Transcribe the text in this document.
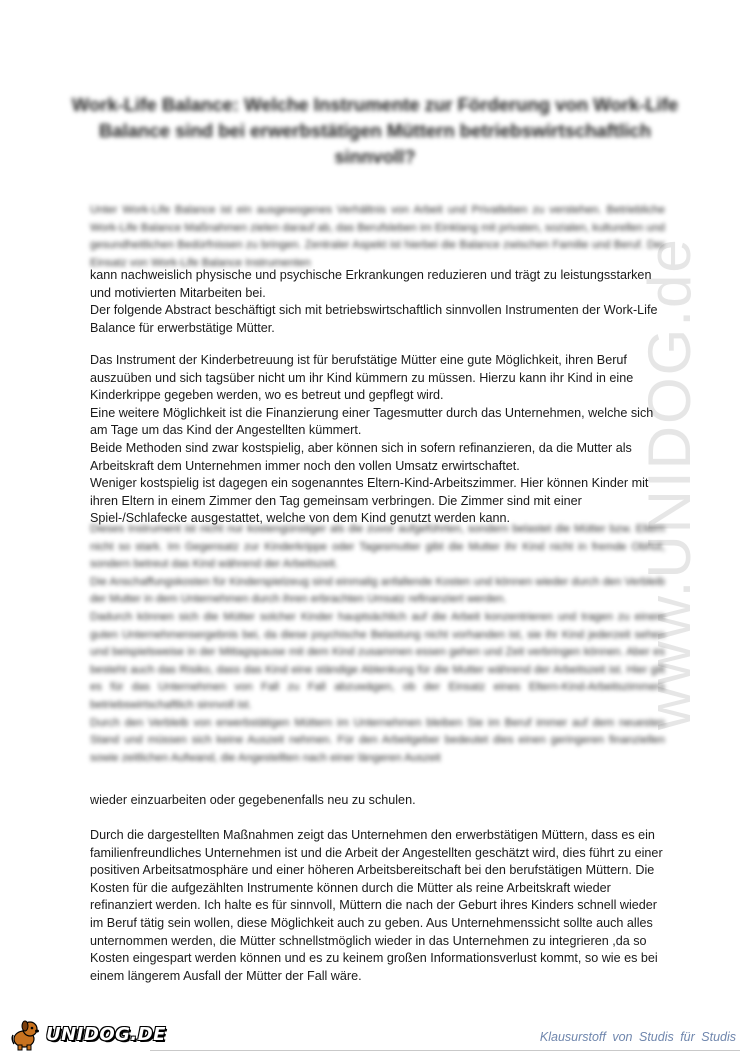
www.UNIDOG.de
Work-Life Balance: Welche Instrumente zur Förderung von Work-Life Balance sind bei erwerbstätigen Müttern betriebswirtschaftlich sinnvoll?

Unter Work-Life Balance ist ein ausgewogenes Verhältnis von Arbeit und Privatleben zu verstehen. Betriebliche Work-Life Balance Maßnahmen zielen darauf ab, das Berufsleben im Einklang mit privaten, sozialen, kulturellen und gesundheitlichen Bedürfnissen zu bringen. Zentraler Aspekt ist hierbei die Balance zwischen Familie und Beruf. Der Einsatz von Work-Life Balance Instrumenten

kann nachweislich physische und psychische Erkrankungen reduzieren und trägt zu leistungsstarken und motivierten Mitarbeiten bei.

Der folgende Abstract beschäftigt sich mit betriebswirtschaftlich sinnvollen Instrumenten der Work-Life Balance für erwerbstätige Mütter.

Das Instrument der Kinderbetreuung ist für berufstätige Mütter eine gute Möglichkeit, ihren Beruf auszuüben und sich tagsüber nicht um ihr Kind kümmern zu müssen. Hierzu kann ihr Kind in eine Kinderkrippe gegeben werden, wo es betreut und gepflegt wird.

Eine weitere Möglichkeit ist die Finanzierung einer Tagesmutter durch das Unternehmen, welche sich am Tage um das Kind der Angestellten kümmert.

Beide Methoden sind zwar kostspielig, aber können sich in sofern refinanzieren, da die Mutter als Arbeitskraft dem Unternehmen immer noch den vollen Umsatz erwirtschaftet.

Weniger kostspielig ist dagegen ein sogenanntes Eltern-Kind-Arbeitszimmer. Hier können Kinder mit ihren Eltern in einem Zimmer den Tag gemeinsam verbringen. Die Zimmer sind mit einer Spiel-/Schlafecke ausgestattet, welche von dem Kind genutzt werden kann.

Dieses Instrument ist nicht nur kostengünstiger als die zuvor aufgeführten, sondern belastet die Mütter bzw. Eltern nicht so stark. Im Gegensatz zur Kinderkrippe oder Tagesmutter gibt die Mutter ihr Kind nicht in fremde Obhut, sondern betreut das Kind während der Arbeitszeit.

Die Anschaffungskosten für Kinderspielzeug sind einmalig anfallende Kosten und können wieder durch den Verbleib der Mutter in dem Unternehmen durch ihren erbrachten Umsatz refinanziert werden.

Dadurch können sich die Mütter solcher Kinder hauptsächlich auf die Arbeit konzentrieren und tragen zu einem guten Unternehmensergebnis bei, da diese psychische Belastung nicht vorhanden ist, sie ihr Kind jederzeit sehen und beispielsweise in der Mittagspause mit dem Kind zusammen essen gehen und Zeit verbringen können. Aber es besteht auch das Risiko, dass das Kind eine ständige Ablenkung für die Mutter während der Arbeitszeit ist. Hier gilt es für das Unternehmen von Fall zu Fall abzuwägen, ob der Einsatz eines Eltern-Kind-Arbeitszimmers betriebswirtschaftlich sinnvoll ist.

Durch den Verbleib von erwerbstätigen Müttern im Unternehmen bleiben Sie im Beruf immer auf dem neuesten Stand und müssen sich keine Auszeit nehmen. Für den Arbeitgeber bedeutet dies einen geringeren finanziellen sowie zeitlichen Aufwand, die Angestellten nach einer längeren Auszeit

wieder einzuarbeiten oder gegebenenfalls neu zu schulen.

Durch die dargestellten Maßnahmen zeigt das Unternehmen den erwerbstätigen Müttern, dass es ein familienfreundliches Unternehmen ist und die Arbeit der Angestellten geschätzt wird, dies führt zu einer positiven Arbeitsatmosphäre und einer höheren Arbeitsbereitschaft bei den berufstätigen Müttern. Die Kosten für die aufgezählten Instrumente können durch die Mütter als reine Arbeitskraft wieder refinanziert werden. Ich halte es für sinnvoll, Müttern die nach der Geburt ihres Kinders schnell wieder im Beruf tätig sein wollen, diese Möglichkeit auch zu geben. Aus Unternehmenssicht sollte auch alles unternommen werden, die Mütter schnellstmöglich wieder in das Unternehmen zu integrieren ,da so Kosten eingespart werden können und es zu keinem großen Informationsverlust kommt, so wie es bei einem längerem Ausfall der Mütter der Fall wäre.

UNIDOG.DE	Klausurstoff von Studis für Studis
